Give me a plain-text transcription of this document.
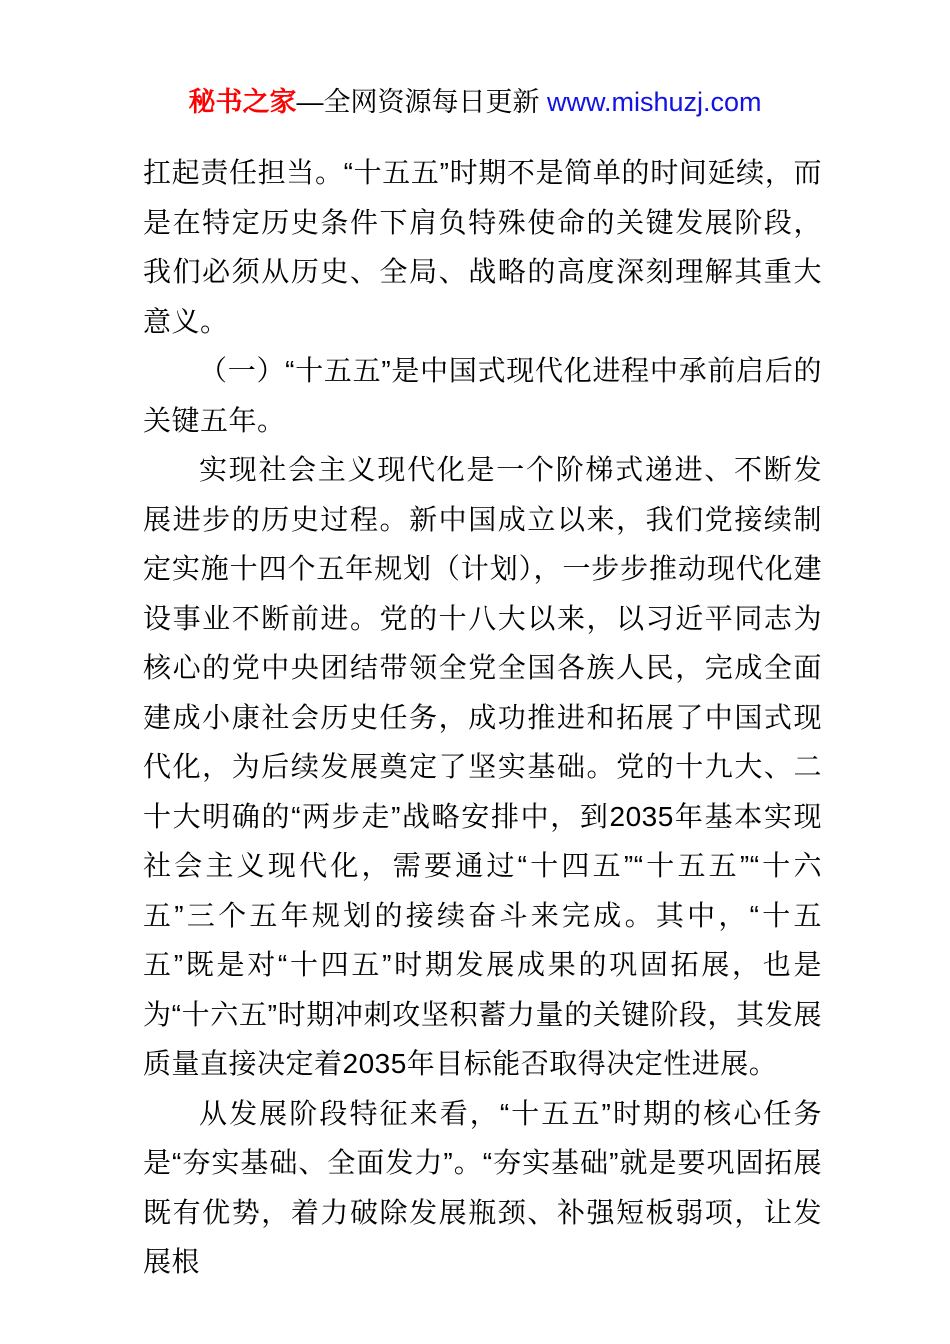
秘书之家—全网资源每日更新 www.mishuzj.com

扛起责任担当。“十五五”时期不是简单的时间延续，而是在特定历史条件下肩负特殊使命的关键发展阶段，我们必须从历史、全局、战略的高度深刻理解其重大意义。

（一）“十五五”是中国式现代化进程中承前启后的关键五年。

实现社会主义现代化是一个阶梯式递进、不断发展进步的历史过程。新中国成立以来，我们党接续制定实施十四个五年规划（计划），一步步推动现代化建设事业不断前进。党的十八大以来，以习近平同志为核心的党中央团结带领全党全国各族人民，完成全面建成小康社会历史任务，成功推进和拓展了中国式现代化，为后续发展奠定了坚实基础。党的十九大、二十大明确的“两步走”战略安排中，到2035年基本实现社会主义现代化，需要通过“十四五”“十五五”“十六五”三个五年规划的接续奋斗来完成。其中，“十五五”既是对“十四五”时期发展成果的巩固拓展，也是为“十六五”时期冲刺攻坚积蓄力量的关键阶段，其发展质量直接决定着2035年目标能否取得决定性进展。

从发展阶段特征来看，“十五五”时期的核心任务是“夯实基础、全面发力”。“夯实基础”就是要巩固拓展既有优势，着力破除发展瓶颈、补强短板弱项，让发展根
